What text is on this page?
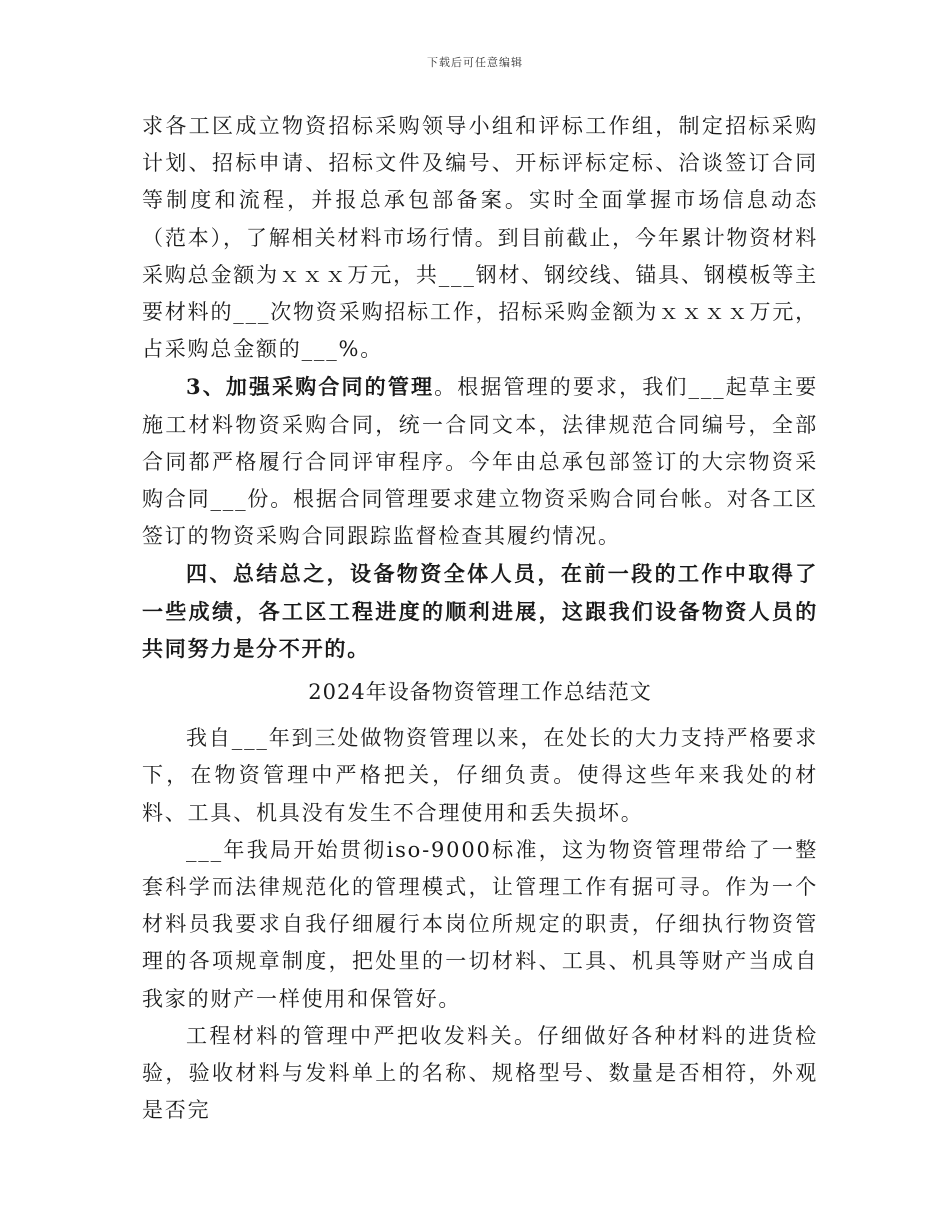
下载后可任意编辑

求各工区成立物资招标采购领导小组和评标工作组，制定招标采购计划、招标申请、招标文件及编号、开标评标定标、洽谈签订合同等制度和流程，并报总承包部备案。实时全面掌握市场信息动态（范本），了解相关材料市场行情。到目前截止，今年累计物资材料采购总金额为ｘｘｘ万元，共___钢材、钢绞线、锚具、钢模板等主要材料的___次物资采购招标工作，招标采购金额为ｘｘｘｘ万元，占采购总金额的___%。

3、加强采购合同的管理。根据管理的要求，我们___起草主要施工材料物资采购合同，统一合同文本，法律规范合同编号，全部合同都严格履行合同评审程序。今年由总承包部签订的大宗物资采购合同___份。根据合同管理要求建立物资采购合同台帐。对各工区签订的物资采购合同跟踪监督检查其履约情况。

四、总结总之，设备物资全体人员，在前一段的工作中取得了一些成绩，各工区工程进度的顺利进展，这跟我们设备物资人员的共同努力是分不开的。

2024年设备物资管理工作总结范文

我自___年到三处做物资管理以来，在处长的大力支持严格要求下，在物资管理中严格把关，仔细负责。使得这些年来我处的材料、工具、机具没有发生不合理使用和丢失损坏。

___年我局开始贯彻iso-9000标准，这为物资管理带给了一整套科学而法律规范化的管理模式，让管理工作有据可寻。作为一个材料员我要求自我仔细履行本岗位所规定的职责，仔细执行物资管理的各项规章制度，把处里的一切材料、工具、机具等财产当成自我家的财产一样使用和保管好。

工程材料的管理中严把收发料关。仔细做好各种材料的进货检验，验收材料与发料单上的名称、规格型号、数量是否相符，外观是否完
